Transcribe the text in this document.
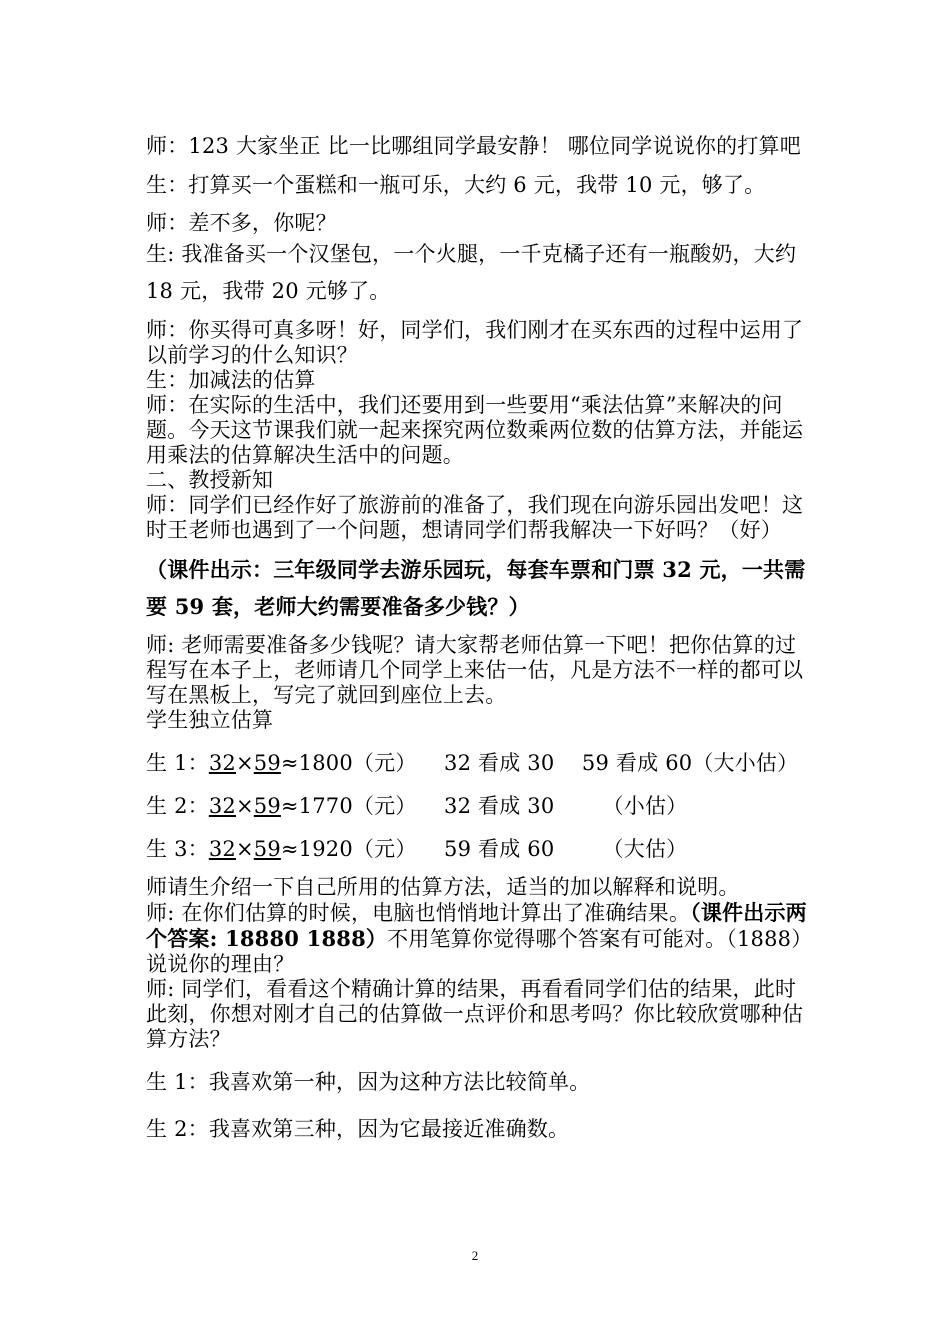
师：123 大家坐正 比一比哪组同学最安静！ 哪位同学说说你的打算吧

生：打算买一个蛋糕和一瓶可乐，大约 6 元，我带 10 元，够了。

师：差不多，你呢？

生: 我准备买一个汉堡包，一个火腿，一千克橘子还有一瓶酸奶，大约 18 元，我带 20 元够了。

师：你买得可真多呀！好，同学们，我们刚才在买东西的过程中运用了以前学习的什么知识？

生：加减法的估算

师：在实际的生活中，我们还要用到一些要用“乘法估算”来解决的问题。今天这节课我们就一起来探究两位数乘两位数的估算方法，并能运用乘法的估算解决生活中的问题。

二、教授新知

师：同学们已经作好了旅游前的准备了，我们现在向游乐园出发吧！这时王老师也遇到了一个问题，想请同学们帮我解决一下好吗？（好）

（课件出示：三年级同学去游乐园玩，每套车票和门票 32 元，一共需要 59 套，老师大约需要准备多少钱？）

师: 老师需要准备多少钱呢？请大家帮老师估算一下吧！把你估算的过程写在本子上，老师请几个同学上来估一估，凡是方法不一样的都可以写在黑板上，写完了就回到座位上去。

学生独立估算

生 1：32×59≈1800（元）    32 看成 30    59 看成 60（大小估）

生 2：32×59≈1770（元）    32 看成 30       （小估）

生 3：32×59≈1920（元）    59 看成 60       （大估）

师请生介绍一下自己所用的估算方法，适当的加以解释和说明。

师: 在你们估算的时候，电脑也悄悄地计算出了准确结果。（课件出示两个答案: 18880 1888）不用笔算你觉得哪个答案有可能对。（1888）说说你的理由？

师: 同学们，看看这个精确计算的结果，再看看同学们估的结果，此时此刻，你想对刚才自己的估算做一点评价和思考吗？你比较欣赏哪种估算方法？

生 1：我喜欢第一种，因为这种方法比较简单。

生 2：我喜欢第三种，因为它最接近准确数。

2
